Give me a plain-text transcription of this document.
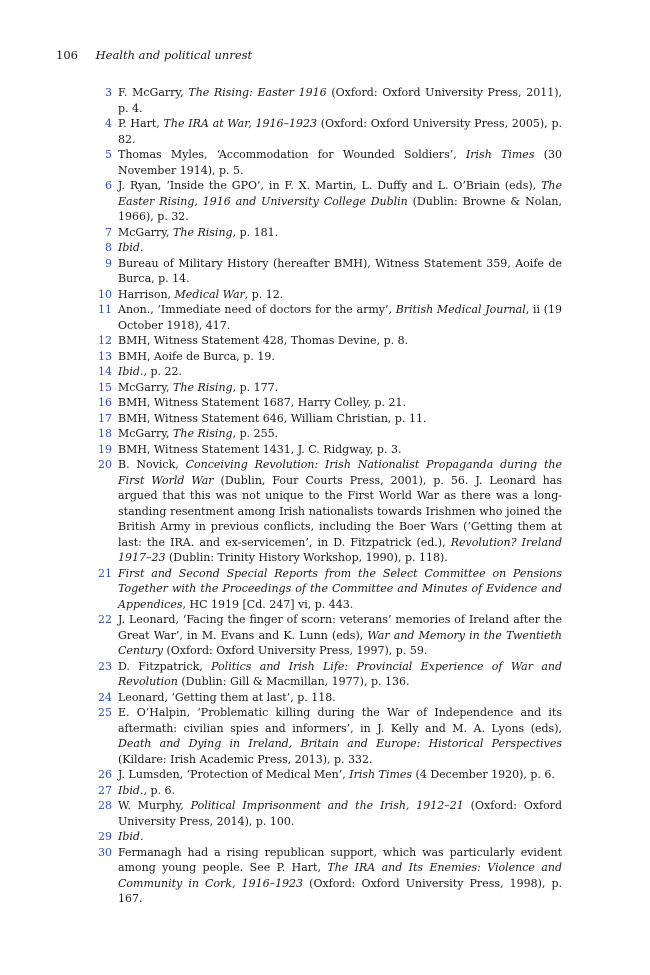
106 Health and political unrest
3 F. McGarry, The Rising: Easter 1916 (Oxford: Oxford University Press, 2011), p. 4.
4 P. Hart, The IRA at War, 1916–1923 (Oxford: Oxford University Press, 2005), p. 82.
5 Thomas Myles, ‘Accommodation for Wounded Soldiers’, Irish Times (30 November 1914), p. 5.
6 J. Ryan, ‘Inside the GPO’, in F. X. Martin, L. Duffy and L. O’Briain (eds), The Easter Rising, 1916 and University College Dublin (Dublin: Browne & Nolan, 1966), p. 32.
7 McGarry, The Rising, p. 181.
8 Ibid.
9 Bureau of Military History (hereafter BMH), Witness Statement 359, Aoife de Burca, p. 14.
10 Harrison, Medical War, p. 12.
11 Anon., ‘Immediate need of doctors for the army’, British Medical Journal, ii (19 October 1918), 417.
12 BMH, Witness Statement 428, Thomas Devine, p. 8.
13 BMH, Aoife de Burca, p. 19.
14 Ibid., p. 22.
15 McGarry, The Rising, p. 177.
16 BMH, Witness Statement 1687, Harry Colley, p. 21.
17 BMH, Witness Statement 646, William Christian, p. 11.
18 McGarry, The Rising, p. 255.
19 BMH, Witness Statement 1431, J. C. Ridgway, p. 3.
20 B. Novick, Conceiving Revolution: Irish Nationalist Propaganda during the First World War (Dublin, Four Courts Press, 2001), p. 56. J. Leonard has argued that this was not unique to the First World War as there was a long-standing resentment among Irish nationalists towards Irishmen who joined the British Army in previous conflicts, including the Boer Wars (‘Getting them at last: the IRA. and ex-servicemen’, in D. Fitzpatrick (ed.), Revolution? Ireland 1917–23 (Dublin: Trinity History Workshop, 1990), p. 118).
21 First and Second Special Reports from the Select Committee on Pensions Together with the Proceedings of the Committee and Minutes of Evidence and Appendices, HC 1919 [Cd. 247] vi, p. 443.
22 J. Leonard, ‘Facing the finger of scorn: veterans’ memories of Ireland after the Great War’, in M. Evans and K. Lunn (eds), War and Memory in the Twentieth Century (Oxford: Oxford University Press, 1997), p. 59.
23 D. Fitzpatrick, Politics and Irish Life: Provincial Experience of War and Revolution (Dublin: Gill & Macmillan, 1977), p. 136.
24 Leonard, ‘Getting them at last’, p. 118.
25 E. O’Halpin, ‘Problematic killing during the War of Independence and its aftermath: civilian spies and informers’, in J. Kelly and M. A. Lyons (eds), Death and Dying in Ireland, Britain and Europe: Historical Perspectives (Kildare: Irish Academic Press, 2013), p. 332.
26 J. Lumsden, ‘Protection of Medical Men’, Irish Times (4 December 1920), p. 6.
27 Ibid., p. 6.
28 W. Murphy, Political Imprisonment and the Irish, 1912–21 (Oxford: Oxford University Press, 2014), p. 100.
29 Ibid.
30 Fermanagh had a rising republican support, which was particularly evident among young people. See P. Hart, The IRA and Its Enemies: Violence and Community in Cork, 1916–1923 (Oxford: Oxford University Press, 1998), p. 167.
